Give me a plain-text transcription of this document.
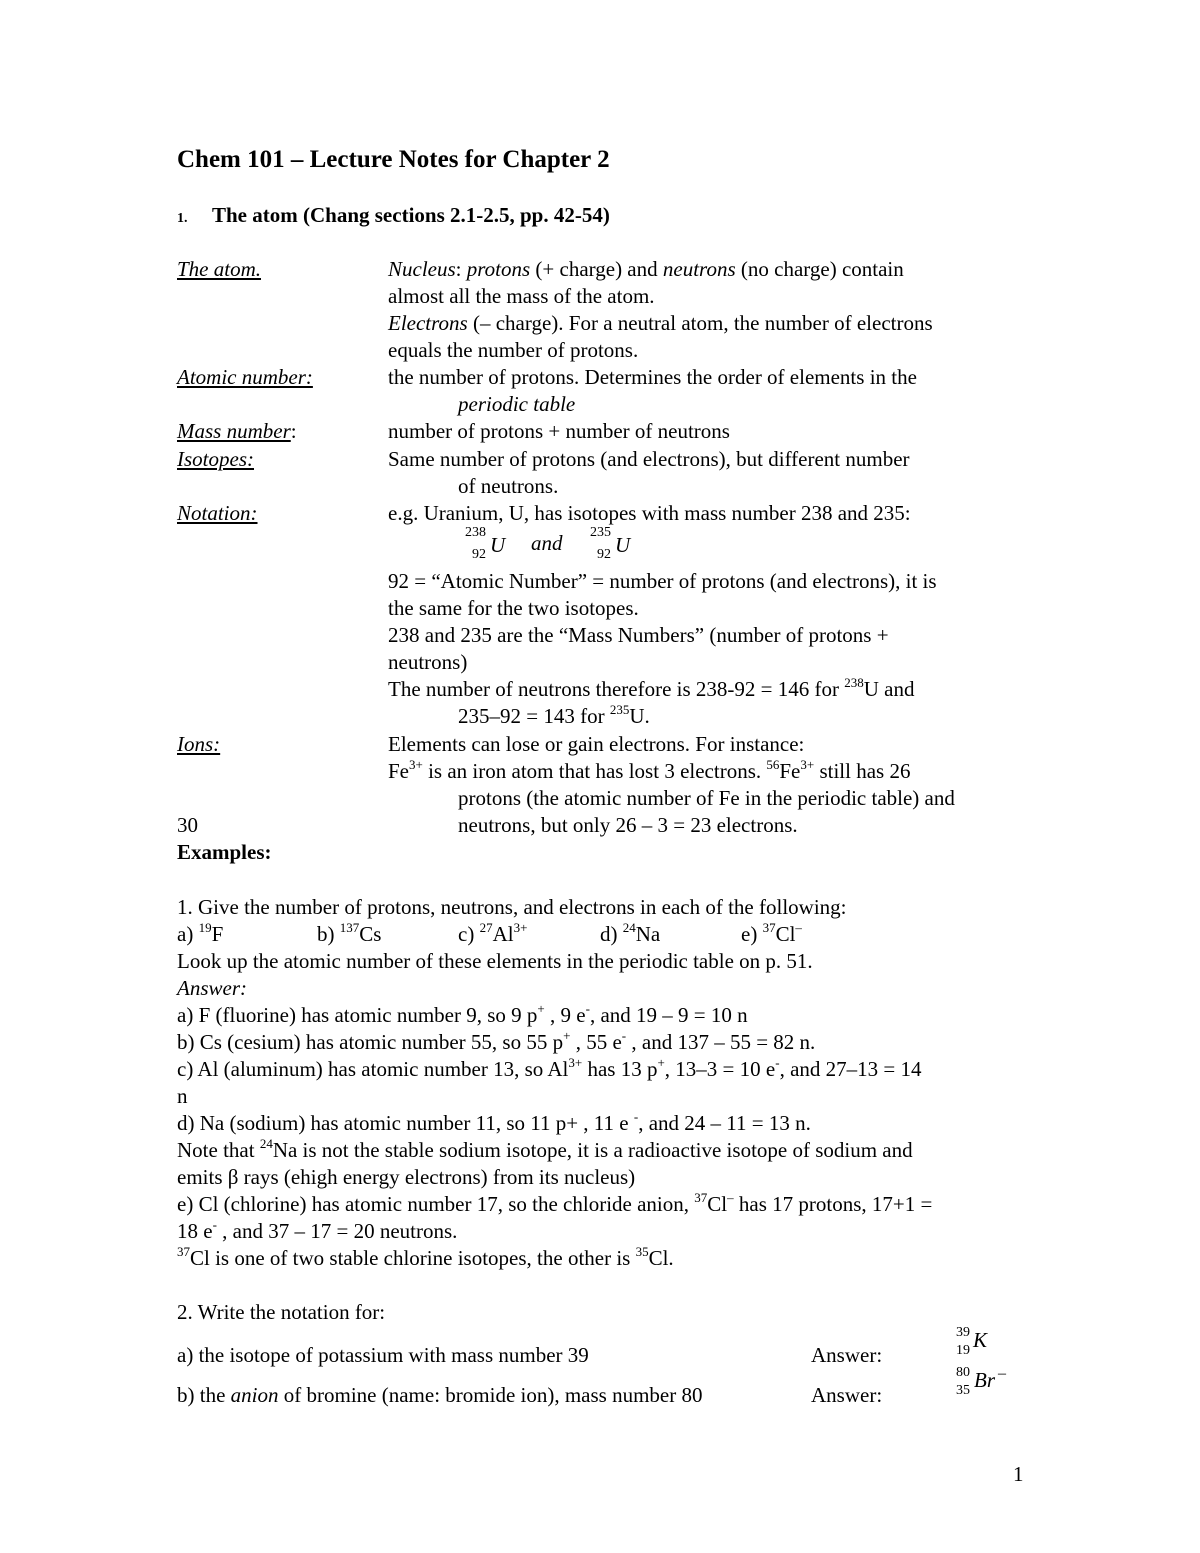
Chem 101 – Lecture Notes for Chapter 2
1. The atom (Chang sections 2.1-2.5, pp. 42-54)
The atom.	Nucleus: protons (+ charge) and neutrons (no charge) contain
almost all the mass of the atom.
Electrons (– charge). For a neutral atom, the number of electrons
equals the number of protons.
Atomic number:	the number of protons. Determines the order of elements in the
periodic table
Mass number:	number of protons + number of neutrons
Isotopes:	Same number of protons (and electrons), but different number
of neutrons.
Notation:	e.g. Uranium, U, has isotopes with mass number 238 and 235:
238
92 U and 235
92 U
92 = “Atomic Number” = number of protons (and electrons), it is
the same for the two isotopes.
238 and 235 are the “Mass Numbers” (number of protons +
neutrons)
The number of neutrons therefore is 238-92 = 146 for $^{238}$U and
235–92 = 143 for $^{235}$U.
Ions:	Elements can lose or gain electrons. For instance:
$Fe^{3+}$ is an iron atom that has lost 3 electrons. $^{56}Fe^{3+}$ still has 26
protons (the atomic number of Fe in the periodic table) and
30	neutrons, but only 26 – 3 = 23 electrons.
Examples:
1. Give the number of protons, neutrons, and electrons in each of the following:
a) $^{19}$F	b) $^{137}$Cs	c) $^{27}Al^{3+}$	d) $^{24}$Na	e) $^{37}$Cl–
Look up the atomic number of these elements in the periodic table on p. 51.
Answer:
a) F (fluorine) has atomic number 9, so 9 p+ , 9 e-, and 19 – 9 = 10 n
b) Cs (cesium) has atomic number 55, so 55 p+ , 55 e- , and 137 – 55 = 82 n.
c) Al (aluminum) has atomic number 13, so $Al^{3+}$ has 13 p+, 13–3 = 10 e-, and 27–13 = 14
n
d) Na (sodium) has atomic number 11, so 11 p+ , 11 e -, and 24 – 11 = 13 n.
Note that $^{24}$Na is not the stable sodium isotope, it is a radioactive isotope of sodium and
emits β rays (ehigh energy electrons) from its nucleus)
e) Cl (chlorine) has atomic number 17, so the chloride anion, $^{37}$Cl– has 17 protons, 17+1 =
18 e- , and 37 – 17 = 20 neutrons.
$^{37}$Cl is one of two stable chlorine isotopes, the other is $^{35}$Cl.
2. Write the notation for:
a) the isotope of potassium with mass number 39	Answer:
39
19 K
b) the anion of bromine (name: bromide ion), mass number 80	Answer:
80
35 Br –
1
